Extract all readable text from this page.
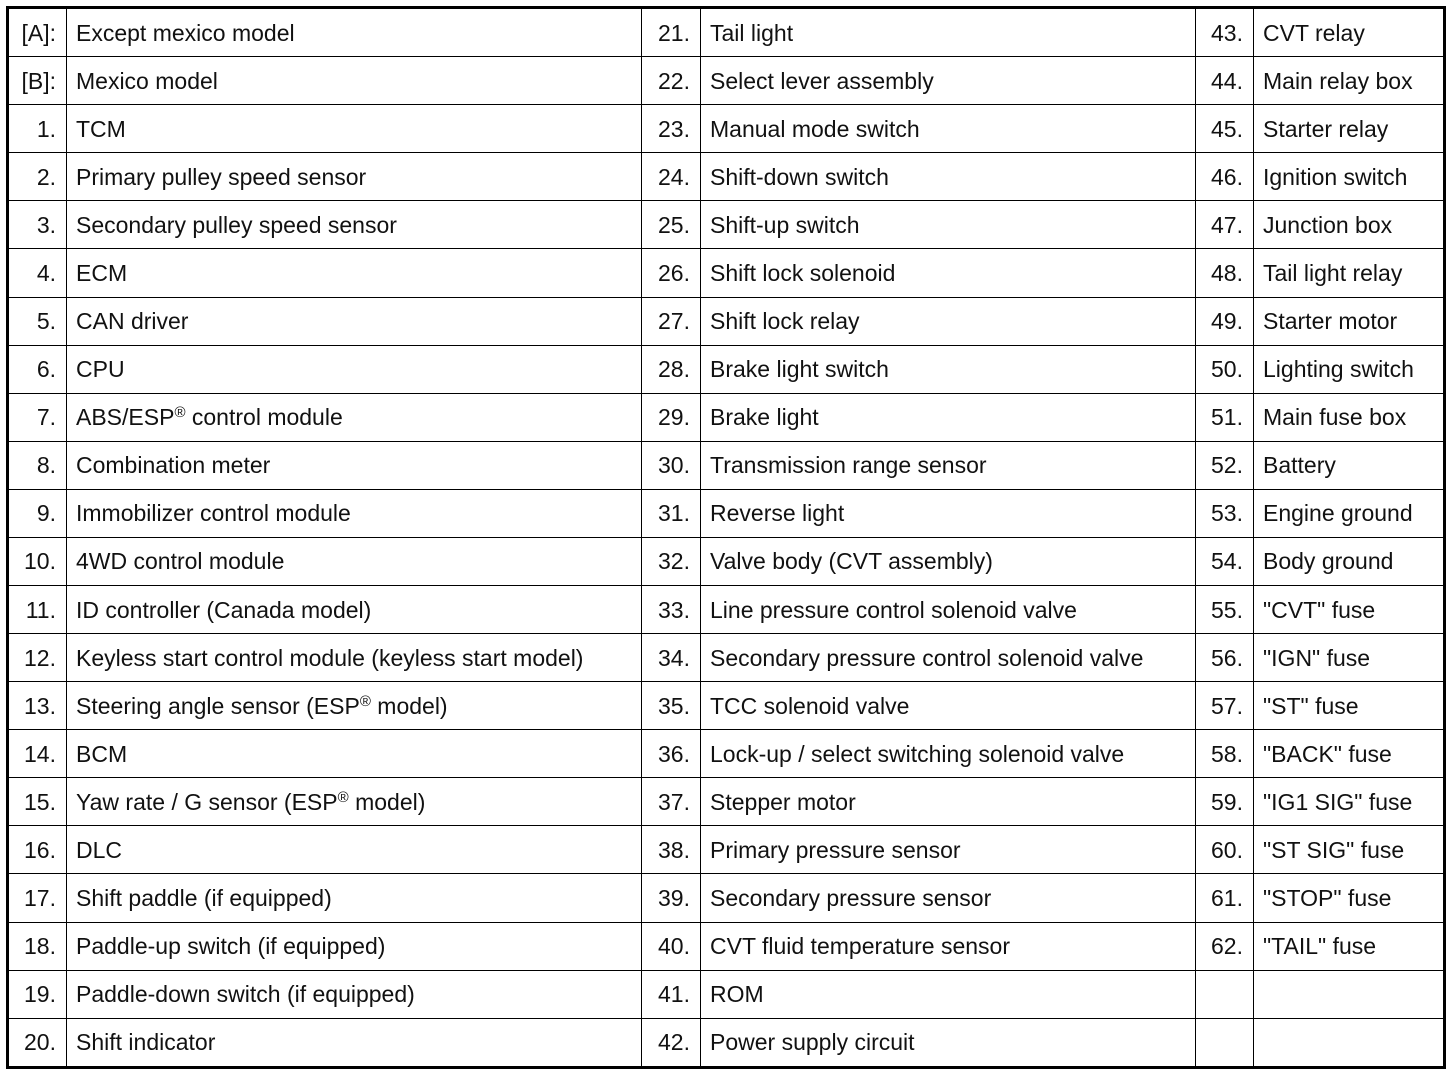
[A]:	Except mexico model	21.	Tail light	43.	CVT relay
[B]:	Mexico model	22.	Select lever assembly	44.	Main relay box
1.	TCM	23.	Manual mode switch	45.	Starter relay
2.	Primary pulley speed sensor	24.	Shift-down switch	46.	Ignition switch
3.	Secondary pulley speed sensor	25.	Shift-up switch	47.	Junction box
4.	ECM	26.	Shift lock solenoid	48.	Tail light relay
5.	CAN driver	27.	Shift lock relay	49.	Starter motor
6.	CPU	28.	Brake light switch	50.	Lighting switch
7.	ABS/ESP® control module	29.	Brake light	51.	Main fuse box
8.	Combination meter	30.	Transmission range sensor	52.	Battery
9.	Immobilizer control module	31.	Reverse light	53.	Engine ground
10.	4WD control module	32.	Valve body (CVT assembly)	54.	Body ground
11.	ID controller (Canada model)	33.	Line pressure control solenoid valve	55.	"CVT" fuse
12.	Keyless start control module (keyless start model)	34.	Secondary pressure control solenoid valve	56.	"IGN" fuse
13.	Steering angle sensor (ESP® model)	35.	TCC solenoid valve	57.	"ST" fuse
14.	BCM	36.	Lock-up / select switching solenoid valve	58.	"BACK" fuse
15.	Yaw rate / G sensor (ESP® model)	37.	Stepper motor	59.	"IG1 SIG" fuse
16.	DLC	38.	Primary pressure sensor	60.	"ST SIG" fuse
17.	Shift paddle (if equipped)	39.	Secondary pressure sensor	61.	"STOP" fuse
18.	Paddle-up switch (if equipped)	40.	CVT fluid temperature sensor	62.	"TAIL" fuse
19.	Paddle-down switch (if equipped)	41.	ROM		
20.	Shift indicator	42.	Power supply circuit		
